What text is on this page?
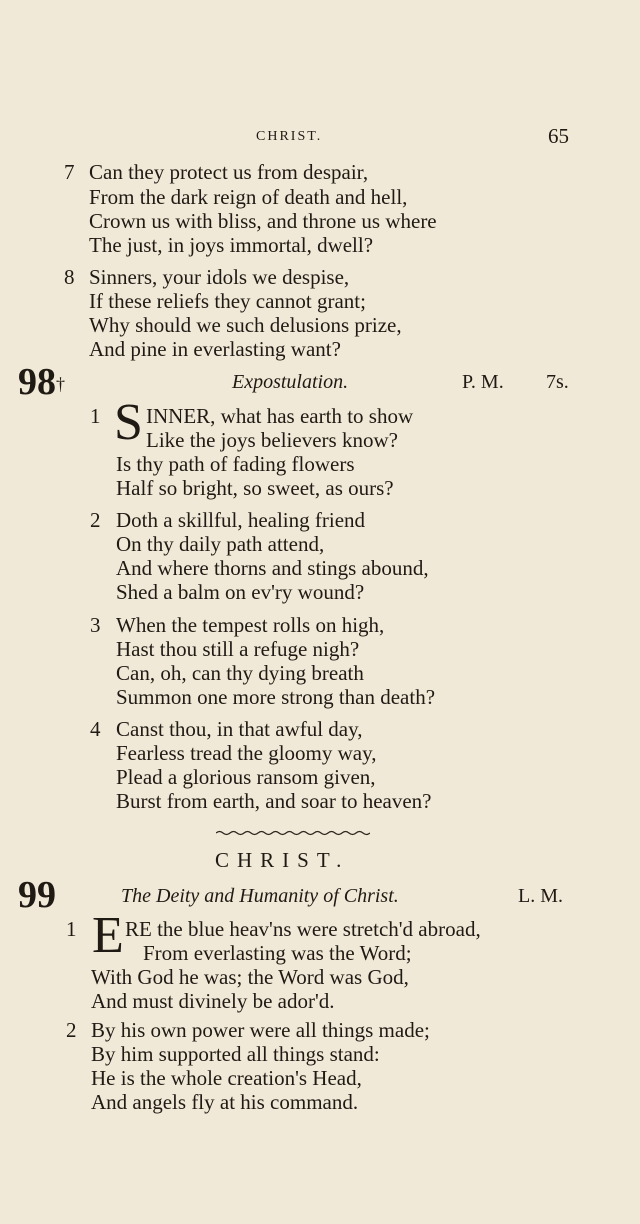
CHRIST.	65
7 Can they protect us from despair,
From the dark reign of death and hell,
Crown us with bliss, and throne us where
The just, in joys immortal, dwell?
8 Sinners, your idols we despise,
If these reliefs they cannot grant;
Why should we such delusions prize,
And pine in everlasting want?
98†	Expostulation.	P. M. 7s.
1 S INNER, what has earth to show
Like the joys believers know?
Is thy path of fading flowers
Half so bright, so sweet, as ours?
2 Doth a skillful, healing friend
On thy daily path attend,
And where thorns and stings abound,
Shed a balm on ev'ry wound?
3 When the tempest rolls on high,
Hast thou still a refuge nigh?
Can, oh, can thy dying breath
Summon one more strong than death?
4 Canst thou, in that awful day,
Fearless tread the gloomy way,
Plead a glorious ransom given,
Burst from earth, and soar to heaven?
CHRIST.
99	The Deity and Humanity of Christ.	L. M.
1 E RE the blue heav'ns were stretch'd abroad,
From everlasting was the Word;
With God he was; the Word was God,
And must divinely be ador'd.
2 By his own power were all things made;
By him supported all things stand:
He is the whole creation's Head,
And angels fly at his command.
